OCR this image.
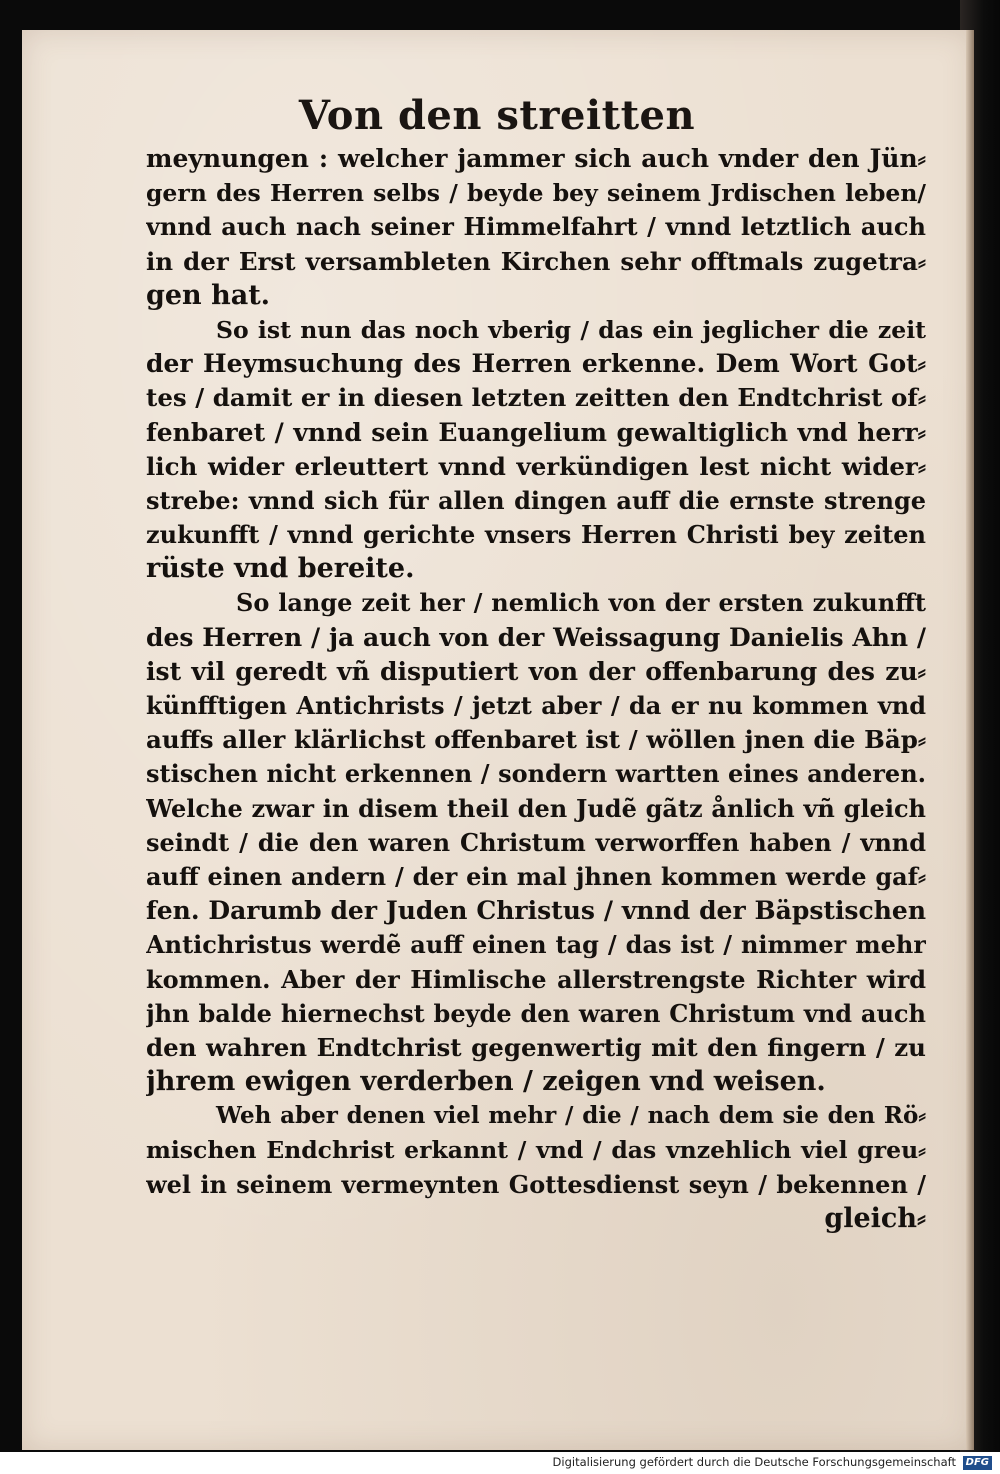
Von den streitten
meynungen : welcher jammer sich auch vnder den Jün⸗
gern des Herren selbs / beyde bey seinem Jrdischen leben/
vnnd auch nach seiner Himmelfahrt / vnnd letztlich auch
in der Erst versambleten Kirchen sehr offtmals zugetra⸗
gen hat.
So ist nun das noch vberig / das ein jeglicher die zeit
der Heymsuchung des Herren erkenne. Dem Wort Got⸗
tes / damit er in diesen letzten zeitten den Endtchrist of⸗
fenbaret / vnnd sein Euangelium gewaltiglich vnd herr⸗
lich wider erleuttert vnnd verkündigen lest nicht wider⸗
strebe: vnnd sich für allen dingen auff die ernste strenge
zukunfft / vnnd gerichte vnsers Herren Christi bey zeiten
rüste vnd bereite.
So lange zeit her / nemlich von der ersten zukunfft
des Herren / ja auch von der Weissagung Danielis Ahn /
ist vil geredt vñ disputiert von der offenbarung des zu⸗
künfftigen Antichrists / jetzt aber / da er nu kommen vnd
auffs aller klärlichst offenbaret ist / wöllen jnen die Bäp⸗
stischen nicht erkennen / sondern wartten eines anderen.
Welche zwar in disem theil den Judẽ gãtz ånlich vñ gleich
seindt / die den waren Christum verworffen haben / vnnd
auff einen andern / der ein mal jhnen kommen werde gaf⸗
fen. Darumb der Juden Christus / vnnd der Bäpstischen
Antichristus werdẽ auff einen tag / das ist / nimmer mehr
kommen. Aber der Himlische allerstrengste Richter wird
jhn balde hiernechst beyde den waren Christum vnd auch
den wahren Endtchrist gegenwertig mit den fingern / zu
jhrem ewigen verderben / zeigen vnd weisen.
Weh aber denen viel mehr / die / nach dem sie den Rö⸗
mischen Endchrist erkannt / vnd / das vnzehlich viel greu⸗
wel in seinem vermeynten Gottesdienst seyn / bekennen /
gleich⸗
Digitalisierung gefördert durch die Deutsche Forschungsgemeinschaft DFG
